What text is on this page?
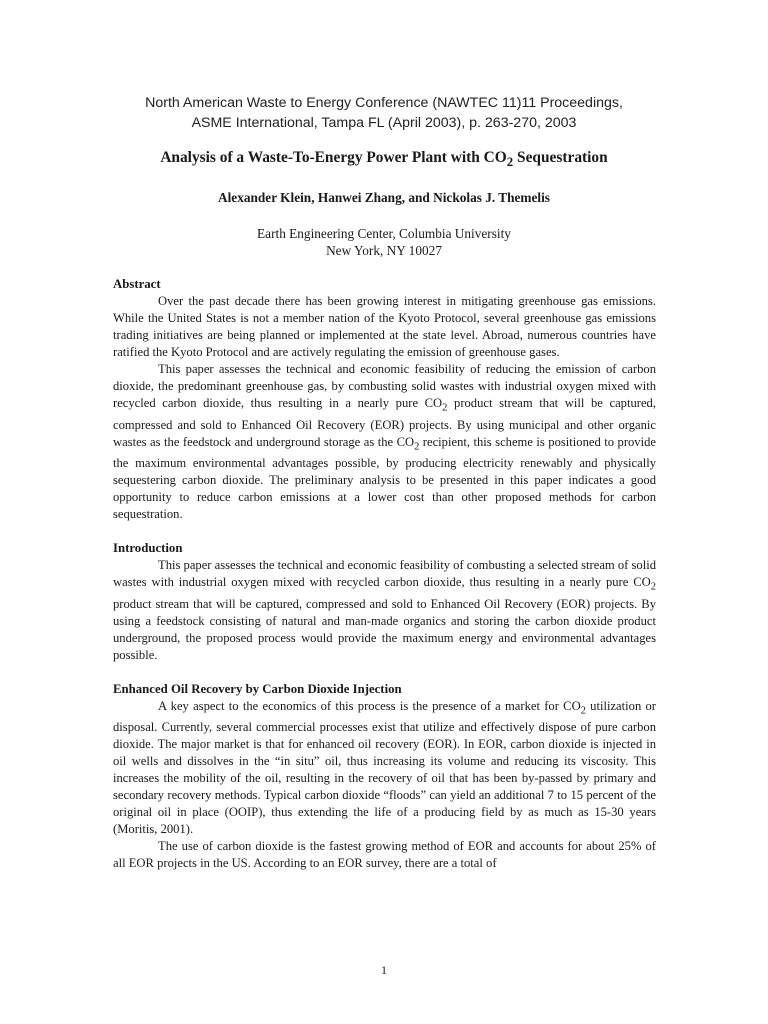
North American Waste to Energy Conference (NAWTEC 11)11 Proceedings,
ASME International, Tampa FL (April 2003), p. 263-270, 2003
Analysis of a Waste-To-Energy Power Plant with $CO_2$ Sequestration
Alexander Klein, Hanwei Zhang, and Nickolas J. Themelis
Earth Engineering Center, Columbia University
New York, NY 10027
Abstract

Over the past decade there has been growing interest in mitigating greenhouse gas emissions. While the United States is not a member nation of the Kyoto Protocol, several greenhouse gas emissions trading initiatives are being planned or implemented at the state level. Abroad, numerous countries have ratified the Kyoto Protocol and are actively regulating the emission of greenhouse gases.

This paper assesses the technical and economic feasibility of reducing the emission of carbon dioxide, the predominant greenhouse gas, by combusting solid wastes with industrial oxygen mixed with recycled carbon dioxide, thus resulting in a nearly pure $CO_2$ product stream that will be captured, compressed and sold to Enhanced Oil Recovery (EOR) projects. By using municipal and other organic wastes as the feedstock and underground storage as the $CO_2$ recipient, this scheme is positioned to provide the maximum environmental advantages possible, by producing electricity renewably and physically sequestering carbon dioxide. The preliminary analysis to be presented in this paper indicates a good opportunity to reduce carbon emissions at a lower cost than other proposed methods for carbon sequestration.

Introduction

This paper assesses the technical and economic feasibility of combusting a selected stream of solid wastes with industrial oxygen mixed with recycled carbon dioxide, thus resulting in a nearly pure $CO_2$ product stream that will be captured, compressed and sold to Enhanced Oil Recovery (EOR) projects. By using a feedstock consisting of natural and man-made organics and storing the carbon dioxide product underground, the proposed process would provide the maximum energy and environmental advantages possible.

Enhanced Oil Recovery by Carbon Dioxide Injection

A key aspect to the economics of this process is the presence of a market for $CO_2$ utilization or disposal. Currently, several commercial processes exist that utilize and effectively dispose of pure carbon dioxide. The major market is that for enhanced oil recovery (EOR). In EOR, carbon dioxide is injected in oil wells and dissolves in the “in situ” oil, thus increasing its volume and reducing its viscosity. This increases the mobility of the oil, resulting in the recovery of oil that has been by-passed by primary and secondary recovery methods. Typical carbon dioxide “floods” can yield an additional 7 to 15 percent of the original oil in place (OOIP), thus extending the life of a producing field by as much as 15-30 years (Moritis, 2001).

The use of carbon dioxide is the fastest growing method of EOR and accounts for about 25% of all EOR projects in the US. According to an EOR survey, there are a total of

1
